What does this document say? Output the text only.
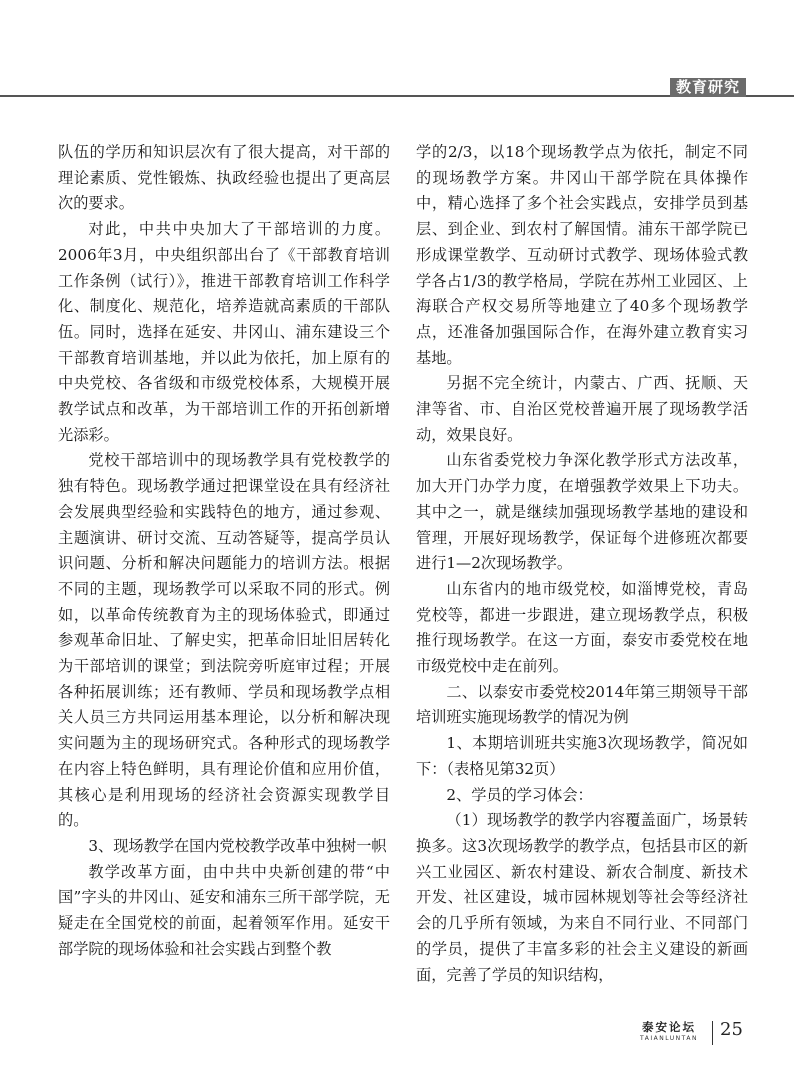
教育研究

队伍的学历和知识层次有了很大提高，对干部的理论素质、党性锻炼、执政经验也提出了更高层次的要求。

对此，中共中央加大了干部培训的力度。2006年3月，中央组织部出台了《干部教育培训工作条例（试行）》，推进干部教育培训工作科学化、制度化、规范化，培养造就高素质的干部队伍。同时，选择在延安、井冈山、浦东建设三个干部教育培训基地，并以此为依托，加上原有的中央党校、各省级和市级党校体系，大规模开展教学试点和改革，为干部培训工作的开拓创新增光添彩。

党校干部培训中的现场教学具有党校教学的独有特色。现场教学通过把课堂设在具有经济社会发展典型经验和实践特色的地方，通过参观、主题演讲、研讨交流、互动答疑等，提高学员认识问题、分析和解决问题能力的培训方法。根据不同的主题，现场教学可以采取不同的形式。例如，以革命传统教育为主的现场体验式，即通过参观革命旧址、了解史实，把革命旧址旧居转化为干部培训的课堂；到法院旁听庭审过程；开展各种拓展训练；还有教师、学员和现场教学点相关人员三方共同运用基本理论，以分析和解决现实问题为主的现场研究式。各种形式的现场教学在内容上特色鲜明，具有理论价值和应用价值，其核心是利用现场的经济社会资源实现教学目的。

3、现场教学在国内党校教学改革中独树一帜

教学改革方面，由中共中央新创建的带“中国”字头的井冈山、延安和浦东三所干部学院，无疑走在全国党校的前面，起着领军作用。延安干部学院的现场体验和社会实践占到整个教

学的2/3，以18个现场教学点为依托，制定不同的现场教学方案。井冈山干部学院在具体操作中，精心选择了多个社会实践点，安排学员到基层、到企业、到农村了解国情。浦东干部学院已形成课堂教学、互动研讨式教学、现场体验式教学各占1/3的教学格局，学院在苏州工业园区、上海联合产权交易所等地建立了40多个现场教学点，还准备加强国际合作，在海外建立教育实习基地。

另据不完全统计，内蒙古、广西、抚顺、天津等省、市、自治区党校普遍开展了现场教学活动，效果良好。

山东省委党校力争深化教学形式方法改革，加大开门办学力度，在增强教学效果上下功夫。其中之一，就是继续加强现场教学基地的建设和管理，开展好现场教学，保证每个进修班次都要进行1—2次现场教学。

山东省内的地市级党校，如淄博党校，青岛党校等，都进一步跟进，建立现场教学点，积极推行现场教学。在这一方面，泰安市委党校在地市级党校中走在前列。

二、以泰安市委党校2014年第三期领导干部培训班实施现场教学的情况为例

1、本期培训班共实施3次现场教学，简况如下：（表格见第32页）

2、学员的学习体会：

（1）现场教学的教学内容覆盖面广，场景转换多。这3次现场教学的教学点，包括县市区的新兴工业园区、新农村建设、新农合制度、新技术开发、社区建设，城市园林规划等社会等经济社会的几乎所有领域，为来自不同行业、不同部门的学员，提供了丰富多彩的社会主义建设的新画面，完善了学员的知识结构，

泰安论坛
TAIANLUNTAN	25
